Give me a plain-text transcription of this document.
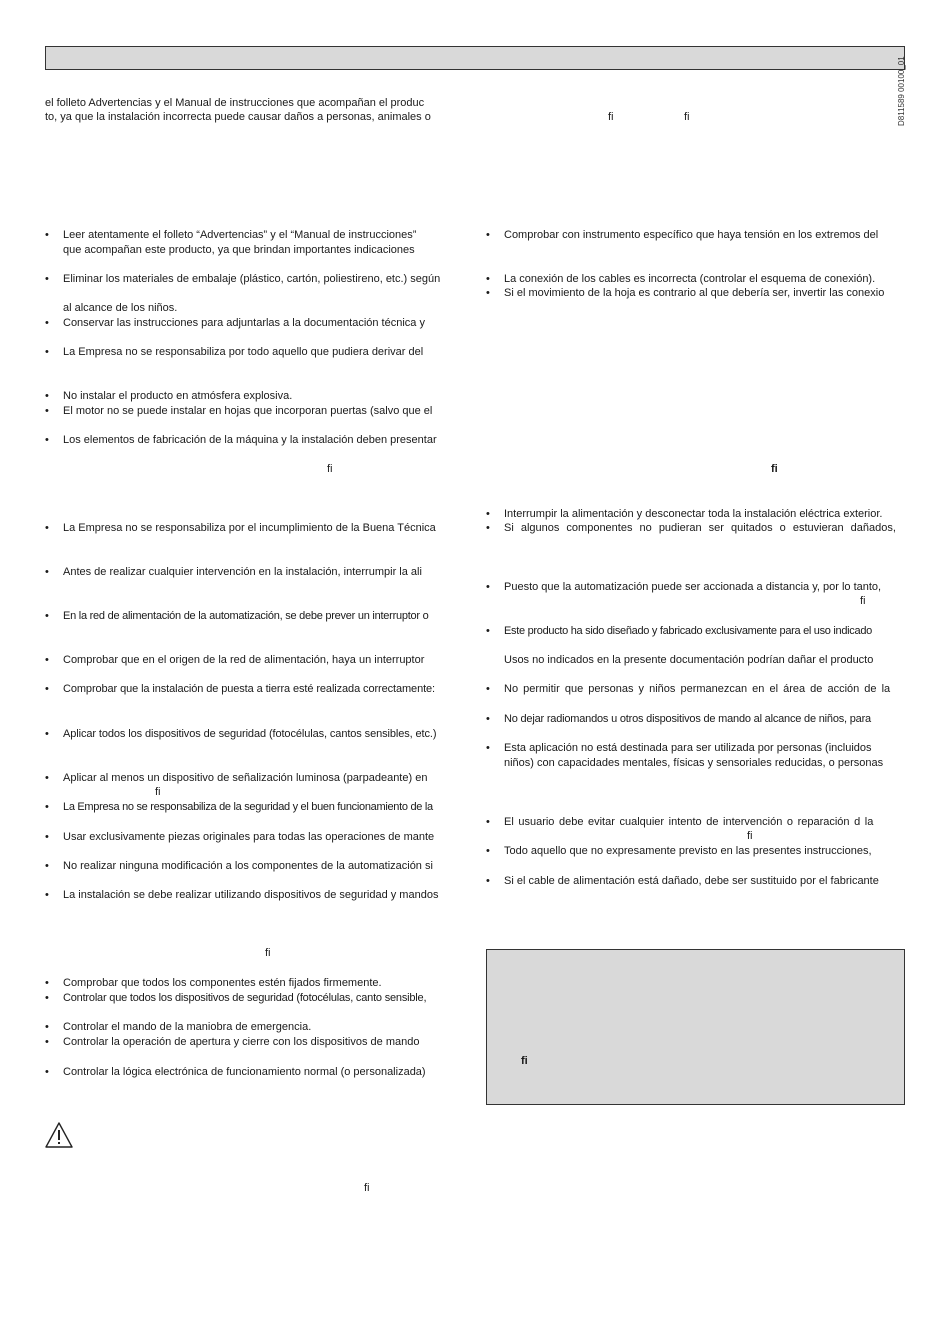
D811589 00100_01
el folleto Advertencias y el Manual de instrucciones que acompañan el produc
to, ya que la instalación incorrecta puede causar daños a personas, animales o	ﬁ	ﬁ
ﬁ	ﬁ
ﬁ
ﬁ
ﬁ
ﬁ
ﬁ
• Leer atentamente el folleto “Advertencias” y el “Manual de instrucciones”
que acompañan este producto, ya que brindan importantes indicaciones
• Eliminar los materiales de embalaje (plástico, cartón, poliestireno, etc.) según
al alcance de los niños.
• Conservar las instrucciones para adjuntarlas a la documentación técnica y
• La Empresa no se responsabiliza por todo aquello que pudiera derivar del
• No instalar el producto en atmósfera explosiva.
• El motor no se puede instalar en hojas que incorporan puertas (salvo que el
• Los elementos de fabricación de la máquina y la instalación deben presentar
• La Empresa no se responsabiliza por el incumplimiento de la Buena Técnica
• Antes de realizar cualquier intervención en la instalación, interrumpir la ali
• En la red de alimentación de la automatización, se debe prever un interruptor o
• Comprobar que en el origen de la red de alimentación, haya un interruptor
• Comprobar que la instalación de puesta a tierra esté realizada correctamente:
• Aplicar todos los dispositivos de seguridad (fotocélulas, cantos sensibles, etc.)
• Aplicar al menos un dispositivo de señalización luminosa (parpadeante) en
• La Empresa no se responsabiliza de la seguridad y el buen funcionamiento de la
• Usar exclusivamente piezas originales para todas las operaciones de mante
• No realizar ninguna modificación a los componentes de la automatización si
• La instalación se debe realizar utilizando dispositivos de seguridad y mandos
• Comprobar que todos los componentes estén ﬁjados firmemente.
• Controlar que todos los dispositivos de seguridad (fotocélulas, canto sensible,
• Controlar el mando de la maniobra de emergencia.
• Controlar la operación de apertura y cierre con los dispositivos de mando
• Controlar la lógica electrónica de funcionamiento normal (o personalizada)
• Comprobar con instrumento específico que haya tensión en los extremos del
• La conexión de los cables es incorrecta (controlar el esquema de conexión).
• Si el movimiento de la hoja es contrario al que debería ser, invertir las conexio
• Interrumpir la alimentación y desconectar toda la instalación eléctrica exterior.
• Si algunos componentes no pudieran ser quitados o estuvieran dañados,
• Puesto que la automatización puede ser accionada a distancia y, por lo tanto,
• Este producto ha sido diseñado y fabricado exclusivamente para el uso indicado
Usos no indicados en la presente documentación podrían dañar el producto
• No permitir que personas y niños permanezcan en el área de acción de la
• No dejar radiomandos u otros dispositivos de mando al alcance de niños, para
• Esta aplicación no está destinada para ser utilizada por personas (incluidos
niños) con capacidades mentales, físicas y sensoriales reducidas, o personas
• El usuario debe evitar cualquier intento de intervención o reparación d la
• Todo aquello que no expresamente previsto en las presentes instrucciones,
• Si el cable de alimentación está dañado, debe ser sustituido por el fabricante
ﬁ
